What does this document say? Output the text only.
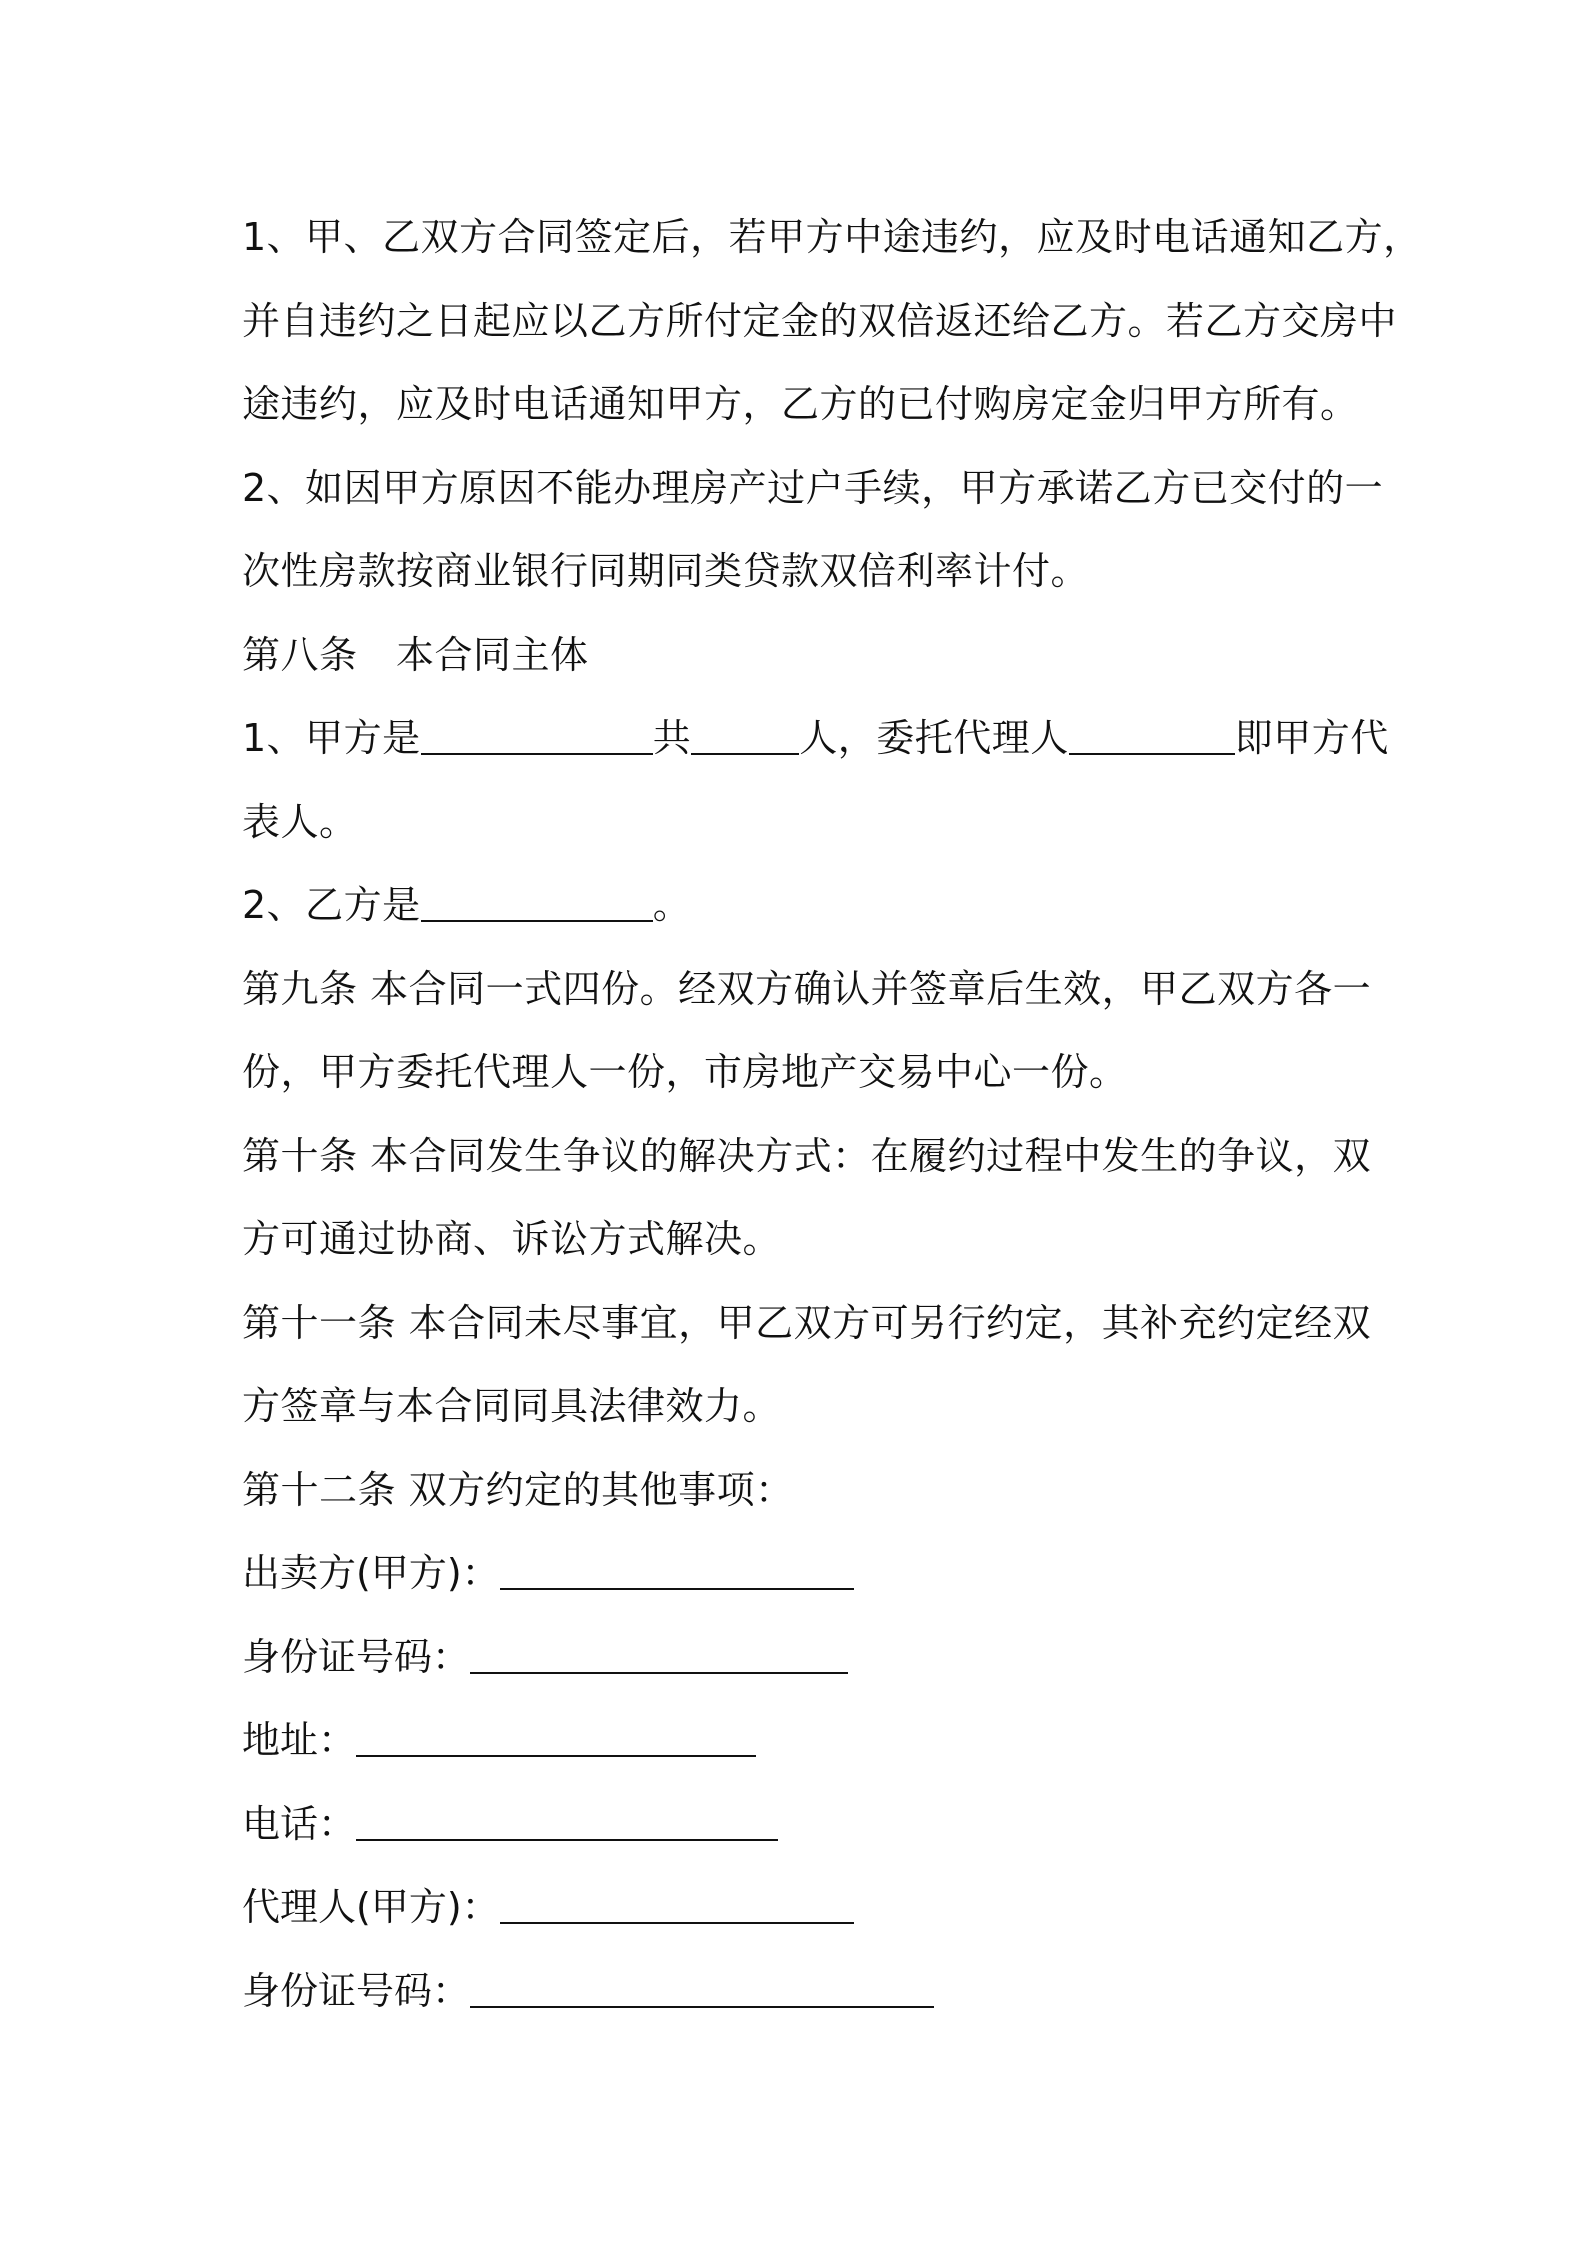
1、甲、乙双方合同签定后，若甲方中途违约，应及时电话通知乙方，
并自违约之日起应以乙方所付定金的双倍返还给乙方。若乙方交房中
途违约，应及时电话通知甲方，乙方的已付购房定金归甲方所有。
2、如因甲方原因不能办理房产过户手续，甲方承诺乙方已交付的一
次性房款按商业银行同期同类贷款双倍利率计付。
第八条　本合同主体
1、甲方是	共	人，委托代理人	即甲方代
表人。
2、乙方是	。
第九条 本合同一式四份。经双方确认并签章后生效，甲乙双方各一
份，甲方委托代理人一份，市房地产交易中心一份。
第十条 本合同发生争议的解决方式：在履约过程中发生的争议，双
方可通过协商、诉讼方式解决。
第十一条 本合同未尽事宜，甲乙双方可另行约定，其补充约定经双
方签章与本合同同具法律效力。
第十二条 双方约定的其他事项：
出卖方(甲方)：
身份证号码：
地址：
电话：
代理人(甲方)：
身份证号码：
